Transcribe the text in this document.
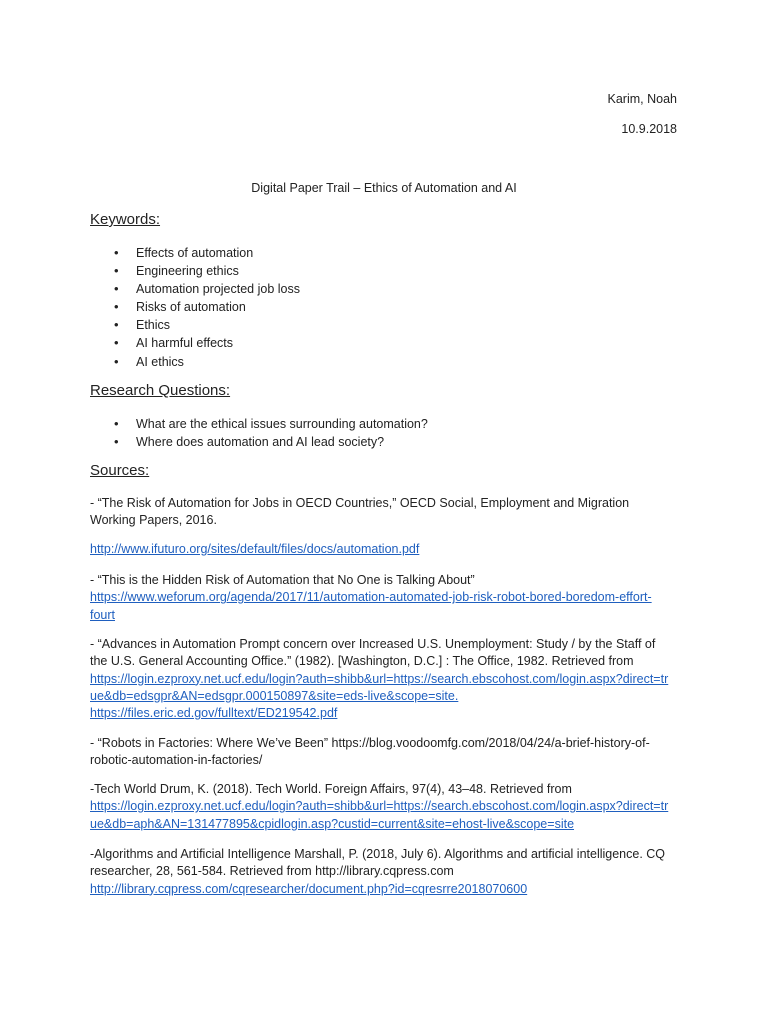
Karim, Noah
10.9.2018
Digital Paper Trail – Ethics of Automation and AI
Keywords:
• Effects of automation
• Engineering ethics
• Automation projected job loss
• Risks of automation
• Ethics
• AI harmful effects
• AI ethics
Research Questions:
• What are the ethical issues surrounding automation?
• Where does automation and AI lead society?
Sources:

- “The Risk of Automation for Jobs in OECD Countries,” OECD Social, Employment and Migration

Working Papers, 2016.

http://www.ifuturo.org/sites/default/files/docs/automation.pdf

- “This is the Hidden Risk of Automation that No One is Talking About”

https://www.weforum.org/agenda/2017/11/automation-automated-job-risk-robot-bored-boredom-effort-

fourt

- “Advances in Automation Prompt concern over Increased U.S. Unemployment: Study / by the Staff of

the U.S. General Accounting Office.” (1982). [Washington, D.C.] : The Office, 1982. Retrieved from

https://login.ezproxy.net.ucf.edu/login?auth=shibb&url=https://search.ebscohost.com/login.aspx?direct=tr

ue&db=edsgpr&AN=edsgpr.000150897&site=eds-live&scope=site.

https://files.eric.ed.gov/fulltext/ED219542.pdf

- “Robots in Factories: Where We’ve Been” https://blog.voodoomfg.com/2018/04/24/a-brief-history-of-

robotic-automation-in-factories/

-Tech World Drum, K. (2018). Tech World. Foreign Affairs, 97(4), 43–48. Retrieved from

https://login.ezproxy.net.ucf.edu/login?auth=shibb&url=https://search.ebscohost.com/login.aspx?direct=tr

ue&db=aph&AN=131477895&cpidlogin.asp?custid=current&site=ehost-live&scope=site

-Algorithms and Artificial Intelligence Marshall, P. (2018, July 6). Algorithms and artificial intelligence. CQ

researcher, 28, 561-584. Retrieved from http://library.cqpress.com

http://library.cqpress.com/cqresearcher/document.php?id=cqresrre2018070600
